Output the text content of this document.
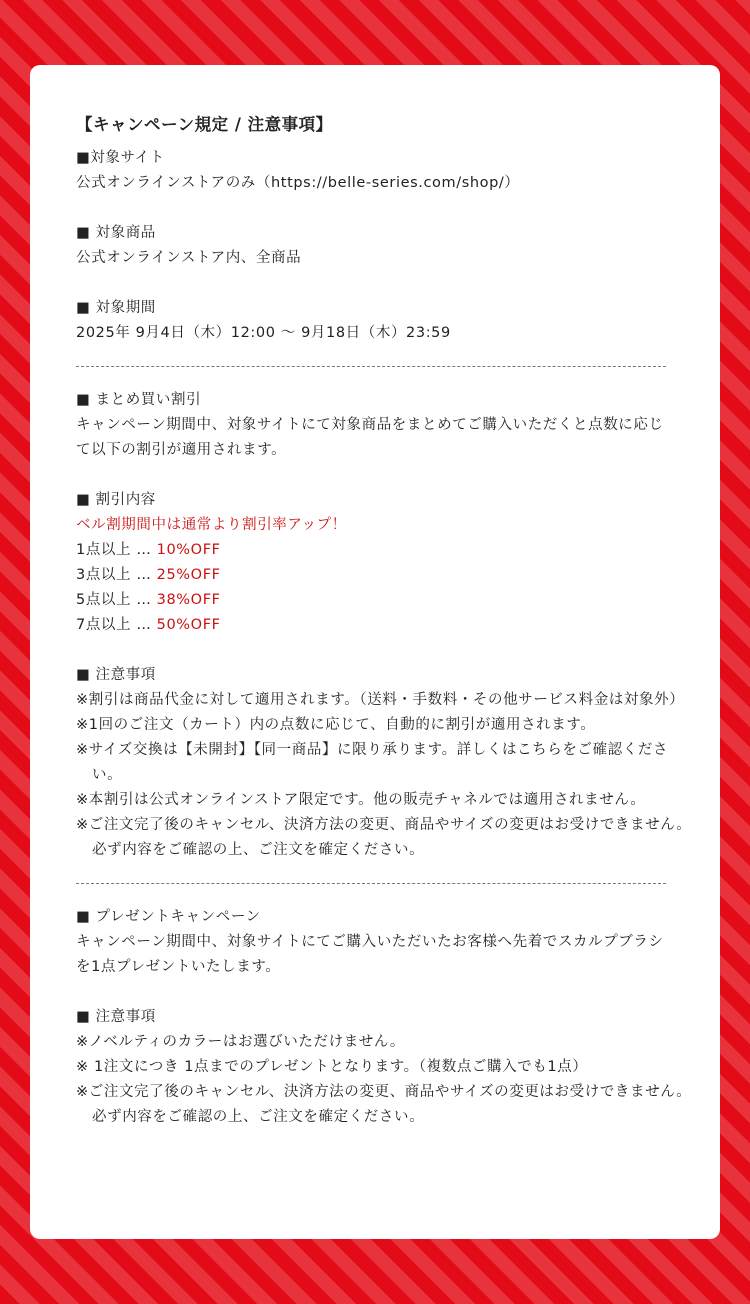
【キャンペーン規定 / 注意事項】
■対象サイト
公式オンラインストアのみ（https://belle-series.com/shop/）
■ 対象商品
公式オンラインストア内、全商品
■ 対象期間
2025年 9月4日（木）12:00 〜 9月18日（木）23:59
■ まとめ買い割引
キャンペーン期間中、対象サイトにて対象商品をまとめてご購入いただくと点数に応じて以下の割引が適用されます。
■ 割引内容
ベル割期間中は通常より割引率アップ！
1点以上 … 10%OFF
3点以上 … 25%OFF
5点以上 … 38%OFF
7点以上 … 50%OFF
■ 注意事項
※割引は商品代金に対して適用されます。（送料・手数料・その他サービス料金は対象外）
※1回のご注文（カート）内の点数に応じて、自動的に割引が適用されます。
※サイズ交換は【未開封】【同一商品】に限り承ります。詳しくはこちらをご確認ください。
※本割引は公式オンラインストア限定です。他の販売チャネルでは適用されません。
※ご注文完了後のキャンセル、決済方法の変更、商品やサイズの変更はお受けできません。必ず内容をご確認の上、ご注文を確定ください。
■ プレゼントキャンペーン
キャンペーン期間中、対象サイトにてご購入いただいたお客様へ先着でスカルプブラシを1点プレゼントいたします。
■ 注意事項
※ノベルティのカラーはお選びいただけません。
※ 1注文につき 1点までのプレゼントとなります。（複数点ご購入でも1点）
※ご注文完了後のキャンセル、決済方法の変更、商品やサイズの変更はお受けできません。必ず内容をご確認の上、ご注文を確定ください。
